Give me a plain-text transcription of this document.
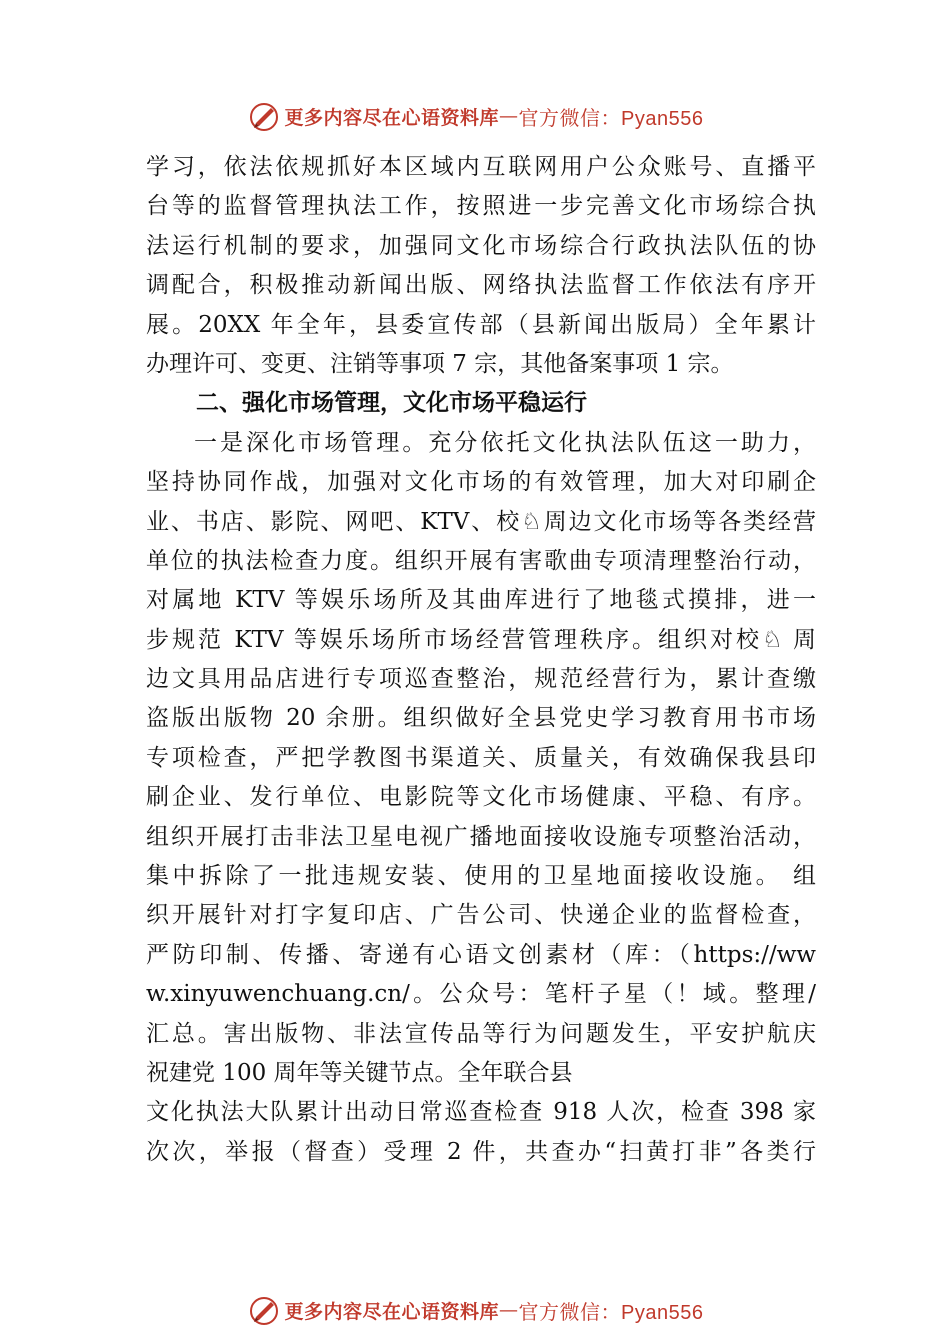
更多内容尽在心语资料库 — 官方微信：Pyan556
学习，依法依规抓好本区域内互联网用户公众账号、直播平
台等的监督管理执法工作，按照进一步完善文化市场综合执
法运行机制的要求，加强同文化市场综合行政执法队伍的协
调配合，积极推动新闻出版、网络执法监督工作依法有序开
展。20XX 年全年，县委宣传部（县新闻出版局）全年累计
办理许可、变更、注销等事项 7 宗，其他备案事项 1 宗。
二、强化市场管理，文化市场平稳运行
一是深化市场管理。充分依托文化执法队伍这一助力，
坚持协同作战，加强对文化市场的有效管理，加大对印刷企
业、书店、影院、网吧、KTV、校♘周边文化市场等各类经营
单位的执法检查力度。组织开展有害歌曲专项清理整治行动，
对属地 KTV 等娱乐场所及其曲库进行了地毯式摸排，进一
步规范 KTV 等娱乐场所市场经营管理秩序。组织对校♘ 周
边文具用品店进行专项巡查整治，规范经营行为，累计查缴
盗版出版物 20 余册。组织做好全县党史学习教育用书市场
专项检查，严把学教图书渠道关、质量关，有效确保我县印
刷企业、发行单位、电影院等文化市场健康、平稳、有序。
组织开展打击非法卫星电视广播地面接收设施专项整治活动，
集中拆除了一批违规安装、使用的卫星地面接收设施。 组
织开展针对打字复印店、广告公司、快递企业的监督检查，
严防印制、传播、寄递有心语文创素材（库：（https://ww
w.xinyuwenchuang.cn/。公众号：笔杆子星（！域。整理/
汇总。害出版物、非法宣传品等行为问题发生，平安护航庆
祝建党 100 周年等关键节点。全年联合县
文化执法大队累计出动日常巡查检查 918 人次，检查 398 家
次次，举报（督查）受理 2 件，共查办“扫黄打非”各类行
更多内容尽在心语资料库 — 官方微信：Pyan556
